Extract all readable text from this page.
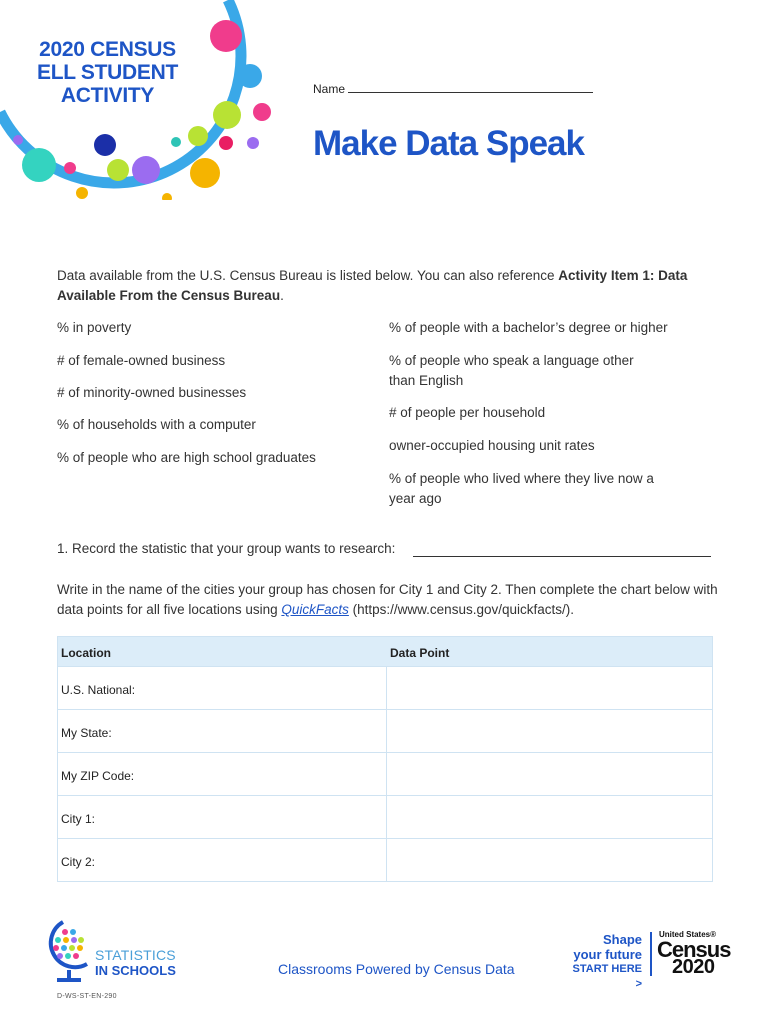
2020 CENSUS
ELL STUDENT
ACTIVITY	Name
Make Data Speak
Data available from the U.S. Census Bureau is listed below. You can also reference Activity Item 1: Data Available From the Census Bureau.
% in poverty
# of female-owned business
# of minority-owned businesses
% of households with a computer
% of people who are high school graduates
% of people with a bachelor’s degree or higher
% of people who speak a language other than English
# of people per household
owner-occupied housing unit rates
% of people who lived where they live now a year ago
1. Record the statistic that your group wants to research:
Write in the name of the cities your group has chosen for City 1 and City 2. Then complete the chart below with data points for all five locations using QuickFacts (https://www.census.gov/quickfacts/).
Location	Data Point
U.S. National:
My State:
My ZIP Code:
City 1:
City 2:
STATISTICS
IN SCHOOLS	Classrooms Powered by Census Data
Shape
your future
START HERE >
United States®
Census
2020
D-WS-ST-EN-290
